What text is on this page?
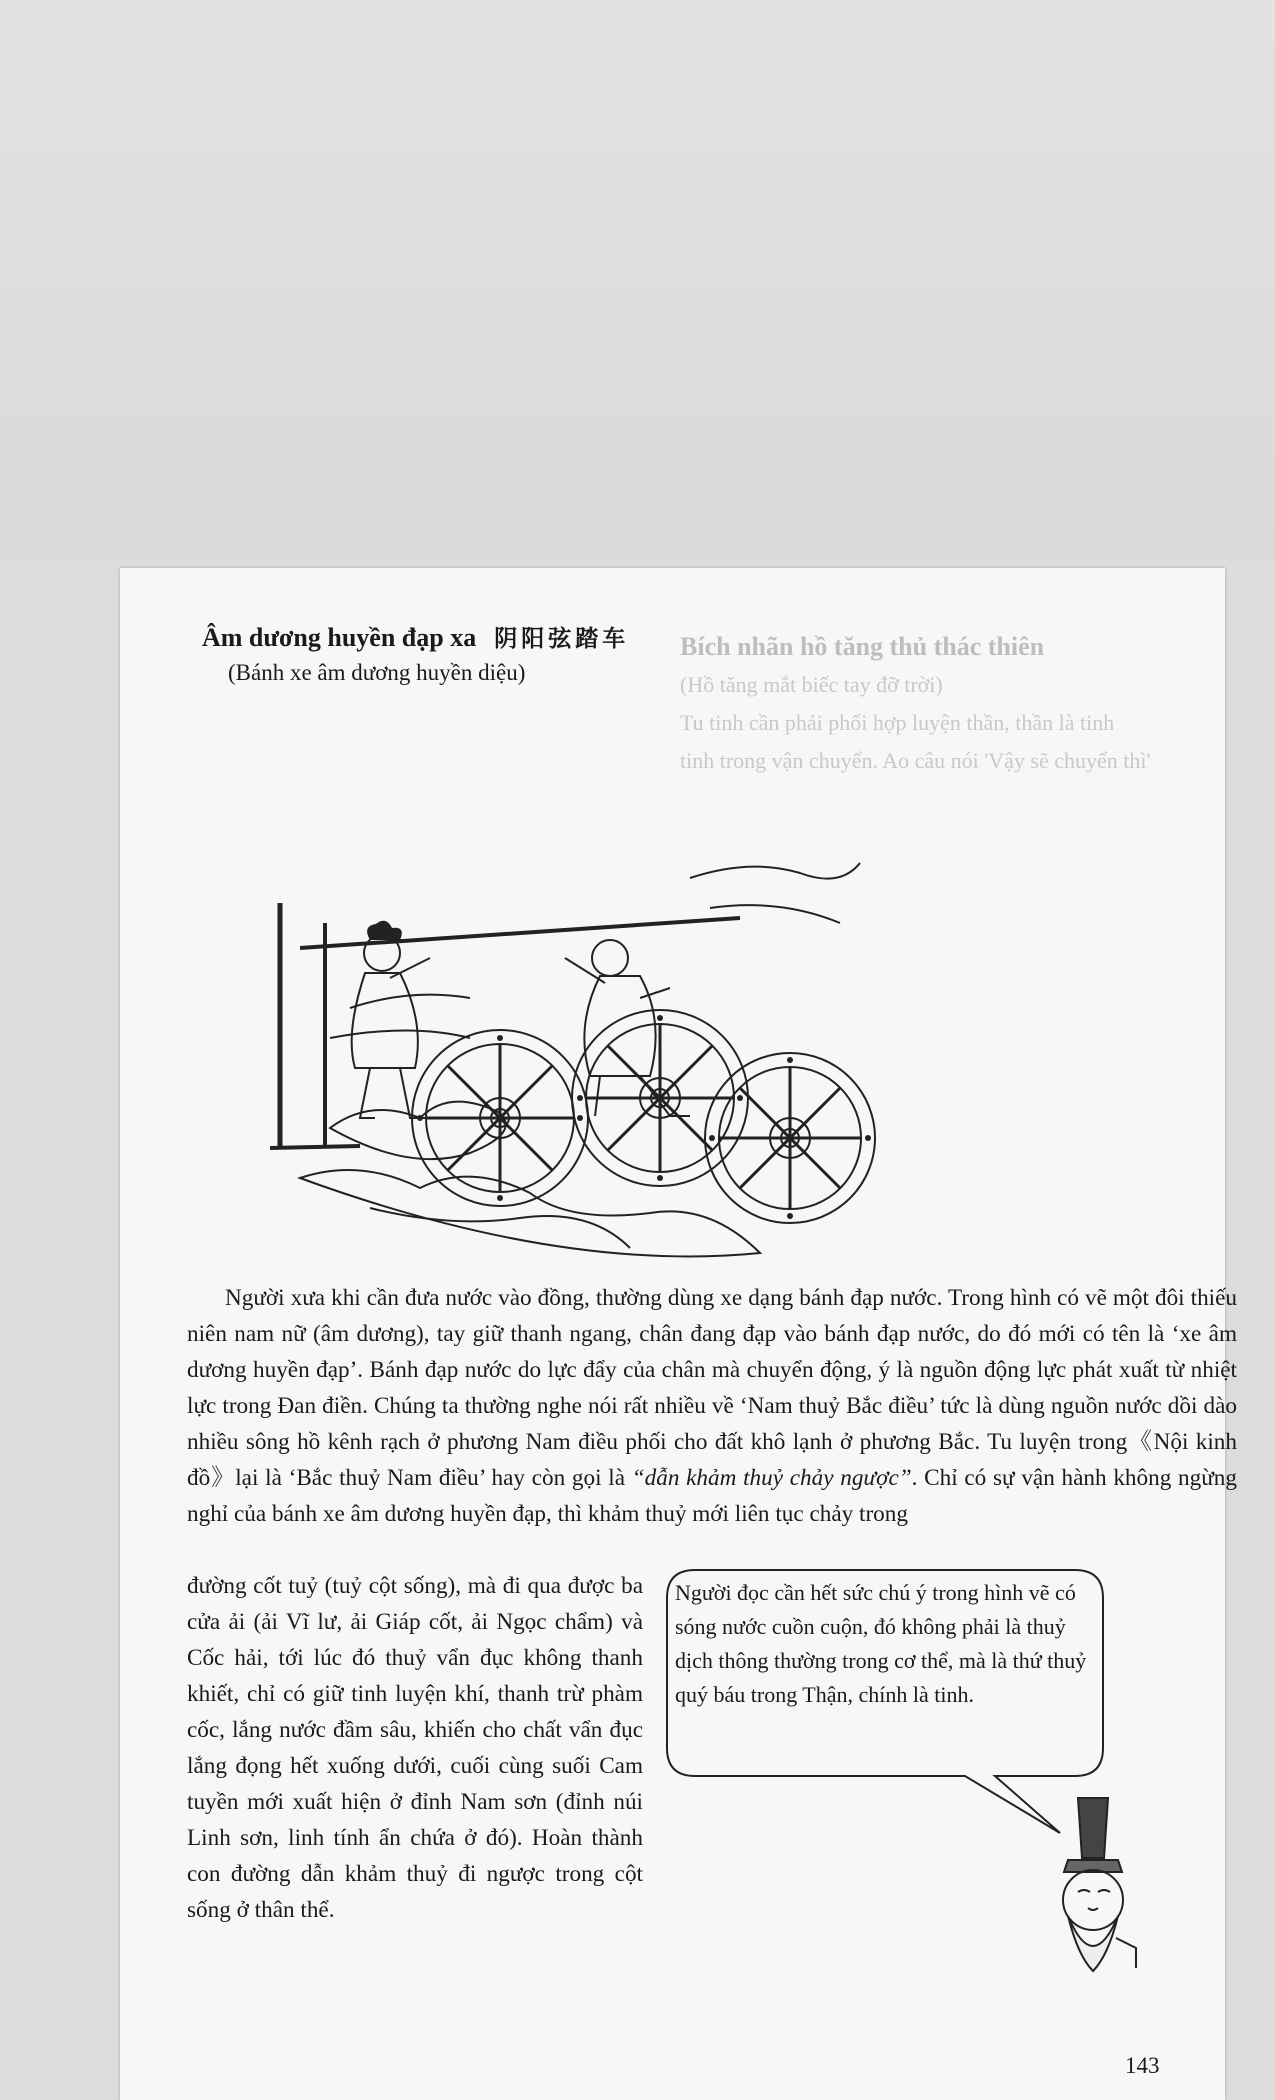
Bích nhãn hồ tăng thủ thác thiên

(Hồ tăng mắt biếc tay đỡ trời)

Tu tinh cần phải phối hợp luyện thần, thần là tinh

tinh trong vận chuyển. Ao câu nói 'Vậy sẽ chuyển thì'

Âm dương huyền đạp xa 阴阳弦踏车
(Bánh xe âm dương huyền diệu)

Người xưa khi cần đưa nước vào đồng, thường dùng xe dạng bánh đạp nước. Trong hình có vẽ một đôi thiếu niên nam nữ (âm dương), tay giữ thanh ngang, chân đang đạp vào bánh đạp nước, do đó mới có tên là ‘xe âm dương huyền đạp’. Bánh đạp nước do lực đẩy của chân mà chuyển động, ý là nguồn động lực phát xuất từ nhiệt lực trong Đan điền. Chúng ta thường nghe nói rất nhiều về ‘Nam thuỷ Bắc điều’ tức là dùng nguồn nước dồi dào nhiều sông hồ kênh rạch ở phương Nam điều phối cho đất khô lạnh ở phương Bắc. Tu luyện trong《Nội kinh đồ》lại là ‘Bắc thuỷ Nam điều’ hay còn gọi là “dẫn khảm thuỷ chảy ngược”. Chỉ có sự vận hành không ngừng nghỉ của bánh xe âm dương huyền đạp, thì khảm thuỷ mới liên tục chảy trong

đường cốt tuỷ (tuỷ cột sống), mà đi qua được ba cửa ải (ải Vĩ lư, ải Giáp cốt, ải Ngọc chẩm) và Cốc hải, tới lúc đó thuỷ vẩn đục không thanh khiết, chỉ có giữ tinh luyện khí, thanh trừ phàm cốc, lắng nước đầm sâu, khiến cho chất vẩn đục lắng đọng hết xuống dưới, cuối cùng suối Cam tuyền mới xuất hiện ở đỉnh Nam sơn (đỉnh núi Linh sơn, linh tính ẩn chứa ở đó). Hoàn thành con đường dẫn khảm thuỷ đi ngược trong cột sống ở thân thể.

Người đọc cần hết sức chú ý trong hình vẽ có sóng nước cuồn cuộn, đó không phải là thuỷ dịch thông thường trong cơ thể, mà là thứ thuỷ quý báu trong Thận, chính là tinh.
143
